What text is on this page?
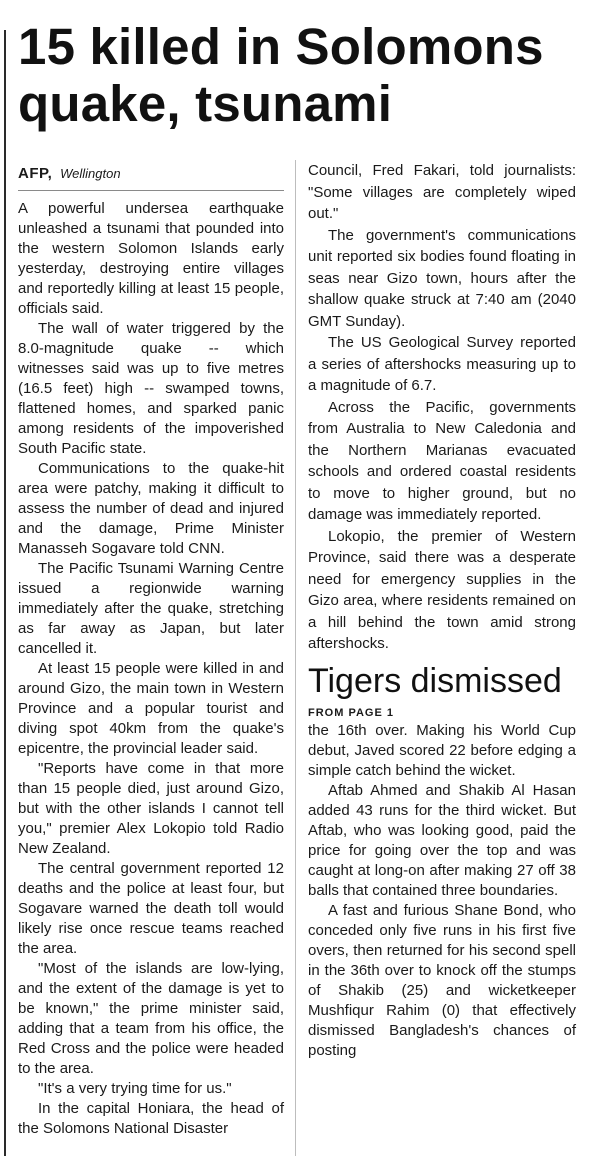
15 killed in Solomons quake, tsunami
AFP, Wellington

A powerful undersea earthquake unleashed a tsunami that pounded into the western Solomon Islands early yesterday, destroying entire villages and reportedly killing at least 15 people, officials said.

The wall of water triggered by the 8.0-magnitude quake -- which witnesses said was up to five metres (16.5 feet) high -- swamped towns, flattened homes, and sparked panic among residents of the impoverished South Pacific state.

Communications to the quake-hit area were patchy, making it difficult to assess the number of dead and injured and the damage, Prime Minister Manasseh Sogavare told CNN.

The Pacific Tsunami Warning Centre issued a regionwide warning immediately after the quake, stretching as far away as Japan, but later cancelled it.

At least 15 people were killed in and around Gizo, the main town in Western Province and a popular tourist and diving spot 40km from the quake's epicentre, the provincial leader said.

"Reports have come in that more than 15 people died, just around Gizo, but with the other islands I cannot tell you," premier Alex Lokopio told Radio New Zealand.

The central government reported 12 deaths and the police at least four, but Sogavare warned the death toll would likely rise once rescue teams reached the area.

"Most of the islands are low-lying, and the extent of the damage is yet to be known," the prime minister said, adding that a team from his office, the Red Cross and the police were headed to the area.

"It's a very trying time for us."

In the capital Honiara, the head of the Solomons National Disaster

Council, Fred Fakari, told journalists: "Some villages are completely wiped out."

The government's communications unit reported six bodies found floating in seas near Gizo town, hours after the shallow quake struck at 7:40 am (2040 GMT Sunday).

The US Geological Survey reported a series of aftershocks measuring up to a magnitude of 6.7.

Across the Pacific, governments from Australia to New Caledonia and the Northern Marianas evacuated schools and ordered coastal residents to move to higher ground, but no damage was immediately reported.

Lokopio, the premier of Western Province, said there was a desperate need for emergency supplies in the Gizo area, where residents remained on a hill behind the town amid strong aftershocks.

Tigers dismissed
FROM PAGE 1

the 16th over. Making his World Cup debut, Javed scored 22 before edging a simple catch behind the wicket.

Aftab Ahmed and Shakib Al Hasan added 43 runs for the third wicket. But Aftab, who was looking good, paid the price for going over the top and was caught at long-on after making 27 off 38 balls that contained three boundaries.

A fast and furious Shane Bond, who conceded only five runs in his first five overs, then returned for his second spell in the 36th over to knock off the stumps of Shakib (25) and wicketkeeper Mushfiqur Rahim (0) that effectively dismissed Bangladesh's chances of posting
